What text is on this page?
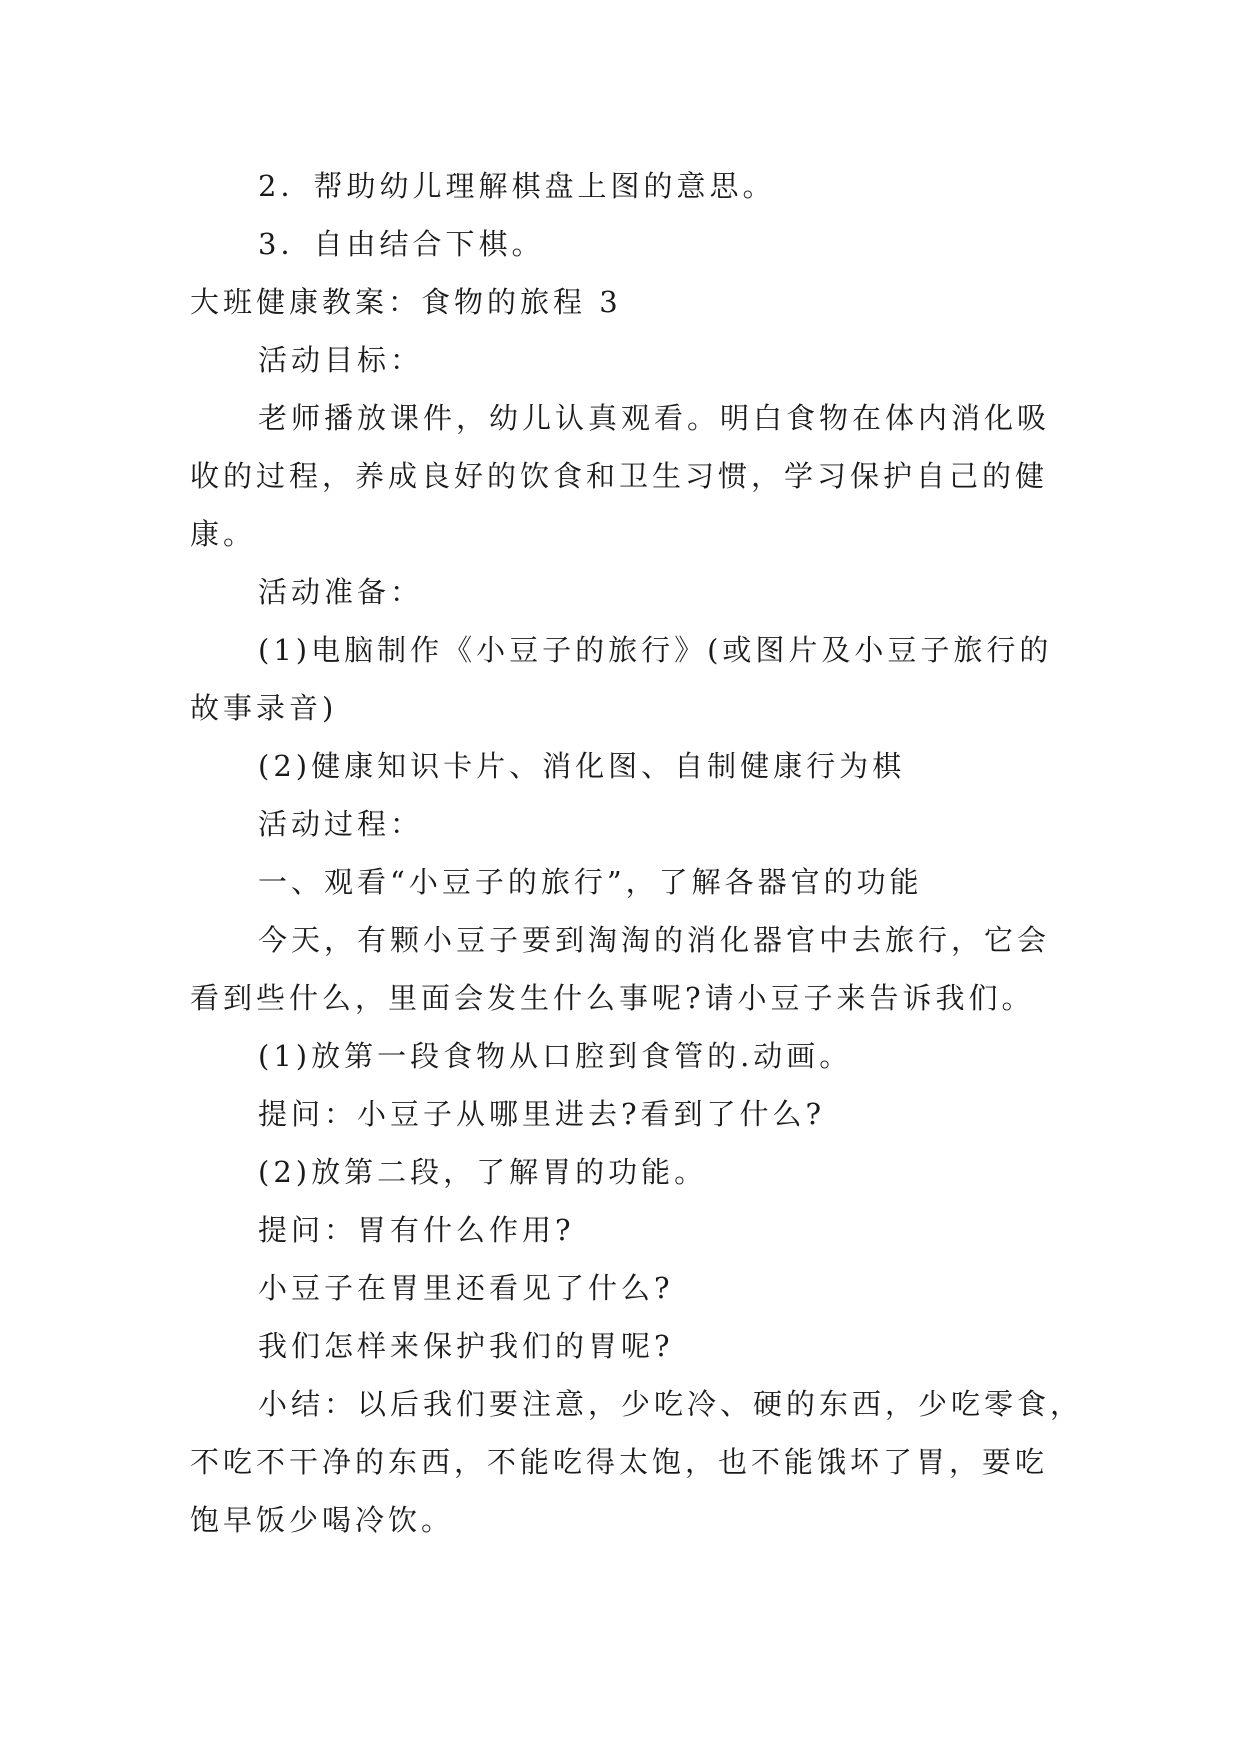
2．帮助幼儿理解棋盘上图的意思。
3．自由结合下棋。
大班健康教案：食物的旅程 3
活动目标：
老师播放课件，幼儿认真观看。明白食物在体内消化吸
收的过程，养成良好的饮食和卫生习惯，学习保护自己的健
康。
活动准备：
(1)电脑制作《小豆子的旅行》(或图片及小豆子旅行的
故事录音)
(2)健康知识卡片、消化图、自制健康行为棋
活动过程：
一、观看“小豆子的旅行”，了解各器官的功能
今天，有颗小豆子要到淘淘的消化器官中去旅行，它会
看到些什么，里面会发生什么事呢?请小豆子来告诉我们。
(1)放第一段食物从口腔到食管的.动画。
提问：小豆子从哪里进去?看到了什么?
(2)放第二段，了解胃的功能。
提问：胃有什么作用?
小豆子在胃里还看见了什么?
我们怎样来保护我们的胃呢?
小结：以后我们要注意，少吃冷、硬的东西，少吃零食，
不吃不干净的东西，不能吃得太饱，也不能饿坏了胃，要吃
饱早饭少喝冷饮。
